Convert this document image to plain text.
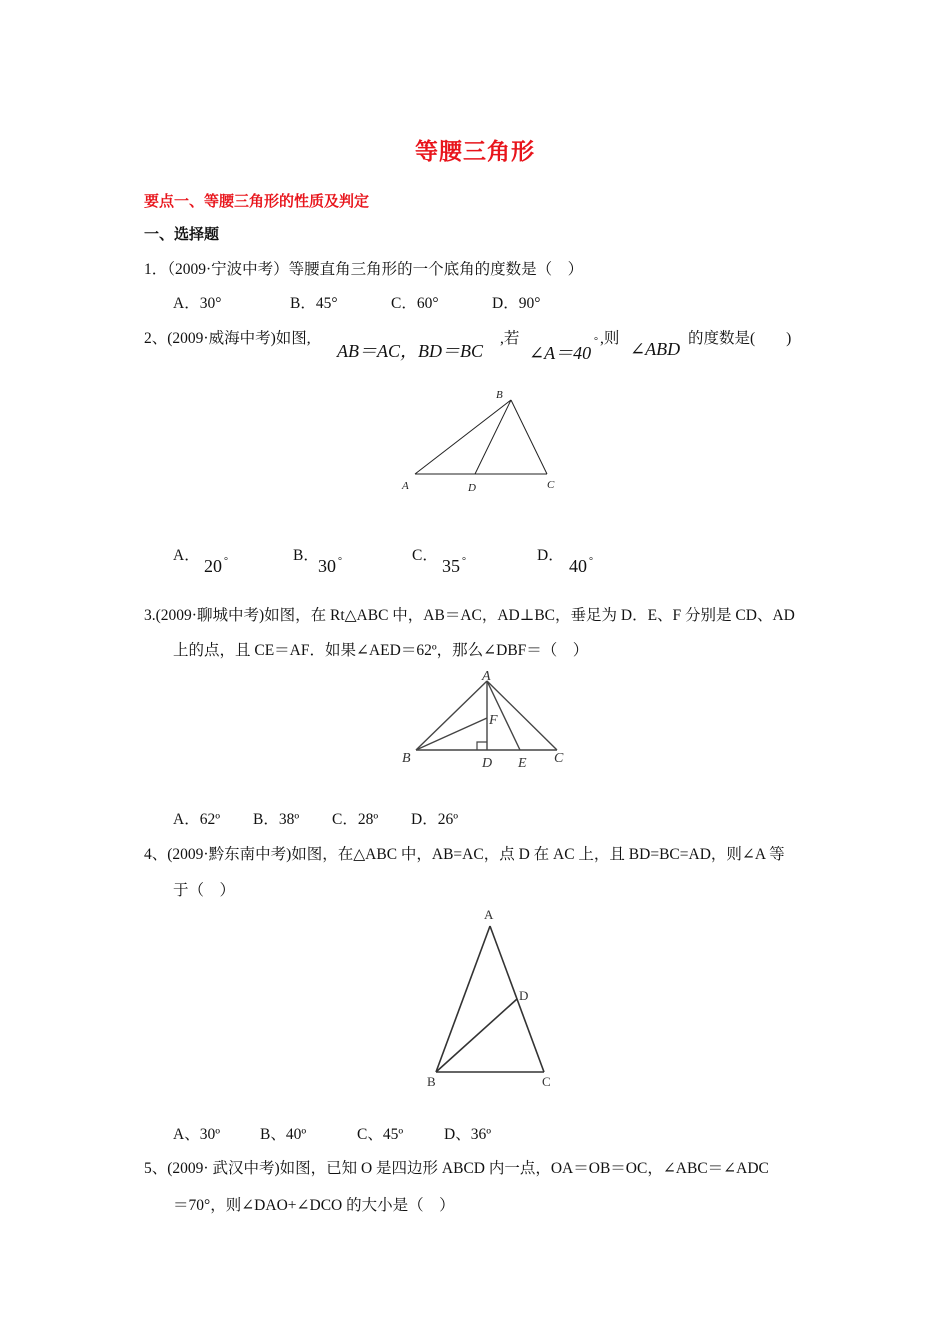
等腰三角形
要点一、等腰三角形的性质及判定
一、选择题
1．（2009·宁波中考）等腰直角三角形的一个底角的度数是（　）
A．30°	B．45°	C．60°	D．90°
2、(2009·威海中考)如图,
AB＝AC，BD＝BC
,若
∠A＝40
° ,则
∠ABD
的度数是(　　)
A
B
C
D
A．
20 °	B．
30 °	C．
35 °	D．
40 °
3.(2009·聊城中考)如图，在 Rt△ABC 中，AB＝AC，AD⊥BC，垂足为 D．E、F 分别是 CD、AD
上的点，且 CE＝AF．如果∠AED＝62º，那么∠DBF＝（　）
A
B	C
D E
F
A．62º B．38º C．28º D．26º
4、(2009·黔东南中考)如图，在△ABC 中，AB=AC，点 D 在 AC 上，且 BD=BC=AD，则∠A 等
于（　）
A
B	C
D
A、30º	B、40º	C、45º	D、36º
5、(2009· 武汉中考)如图，已知 O 是四边形 ABCD 内一点，OA＝OB＝OC，∠ABC＝∠ADC
＝70°，则∠DAO+∠DCO 的大小是（　）
